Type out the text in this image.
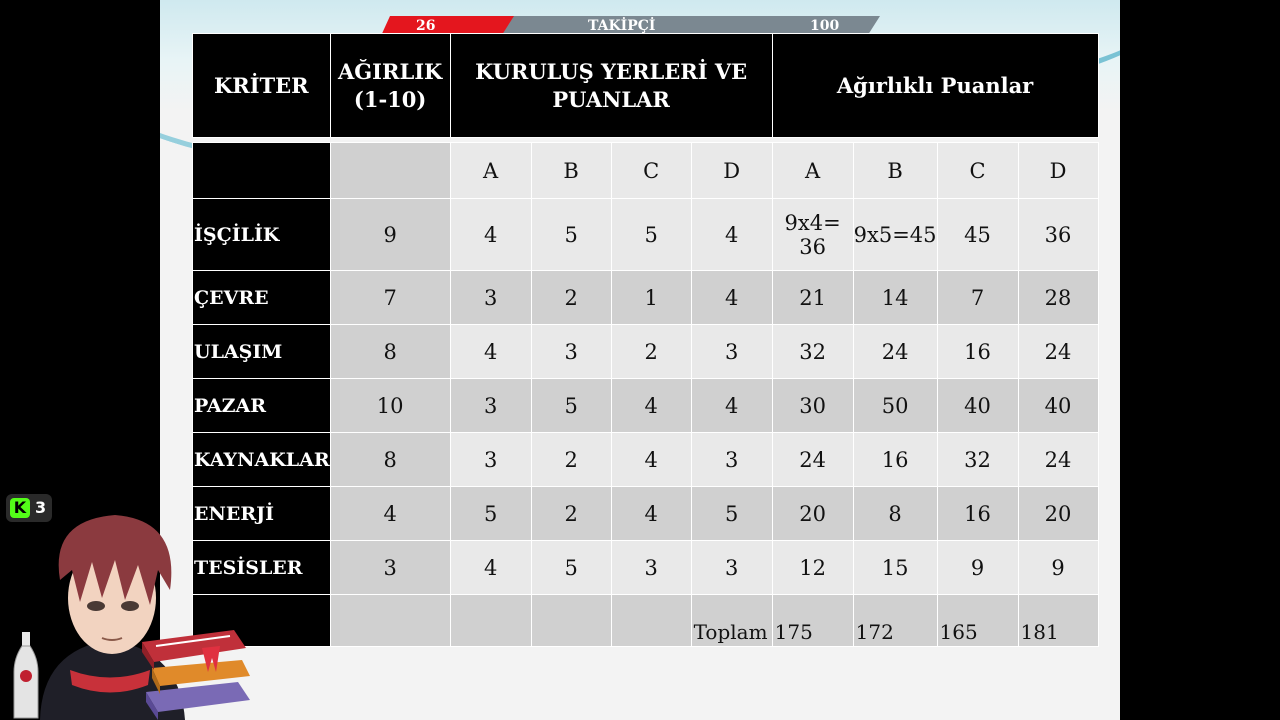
26	TAKİPÇİ	100
KRİTER	AĞIRLIK (1-10)	KURULUŞ YERLERİ VE PUANLAR				Ağırlıklı Puanlar			

		A	B	C	D	A	B	C	D
İŞÇİLİK	9	4	5	5	4	9x4= 36	9x5=45	45	36
ÇEVRE	7	3	2	1	4	21	14	7	28
ULAŞIM	8	4	3	2	3	32	24	16	24
PAZAR	10	3	5	4	4	30	50	40	40
KAYNAKLAR	8	3	2	4	3	24	16	32	24
ENERJİ	4	5	2	4	5	20	8	16	20
TESİSLER	3	4	5	3	3	12	15	9	9
					Toplam	175	172	165	181
K 3
